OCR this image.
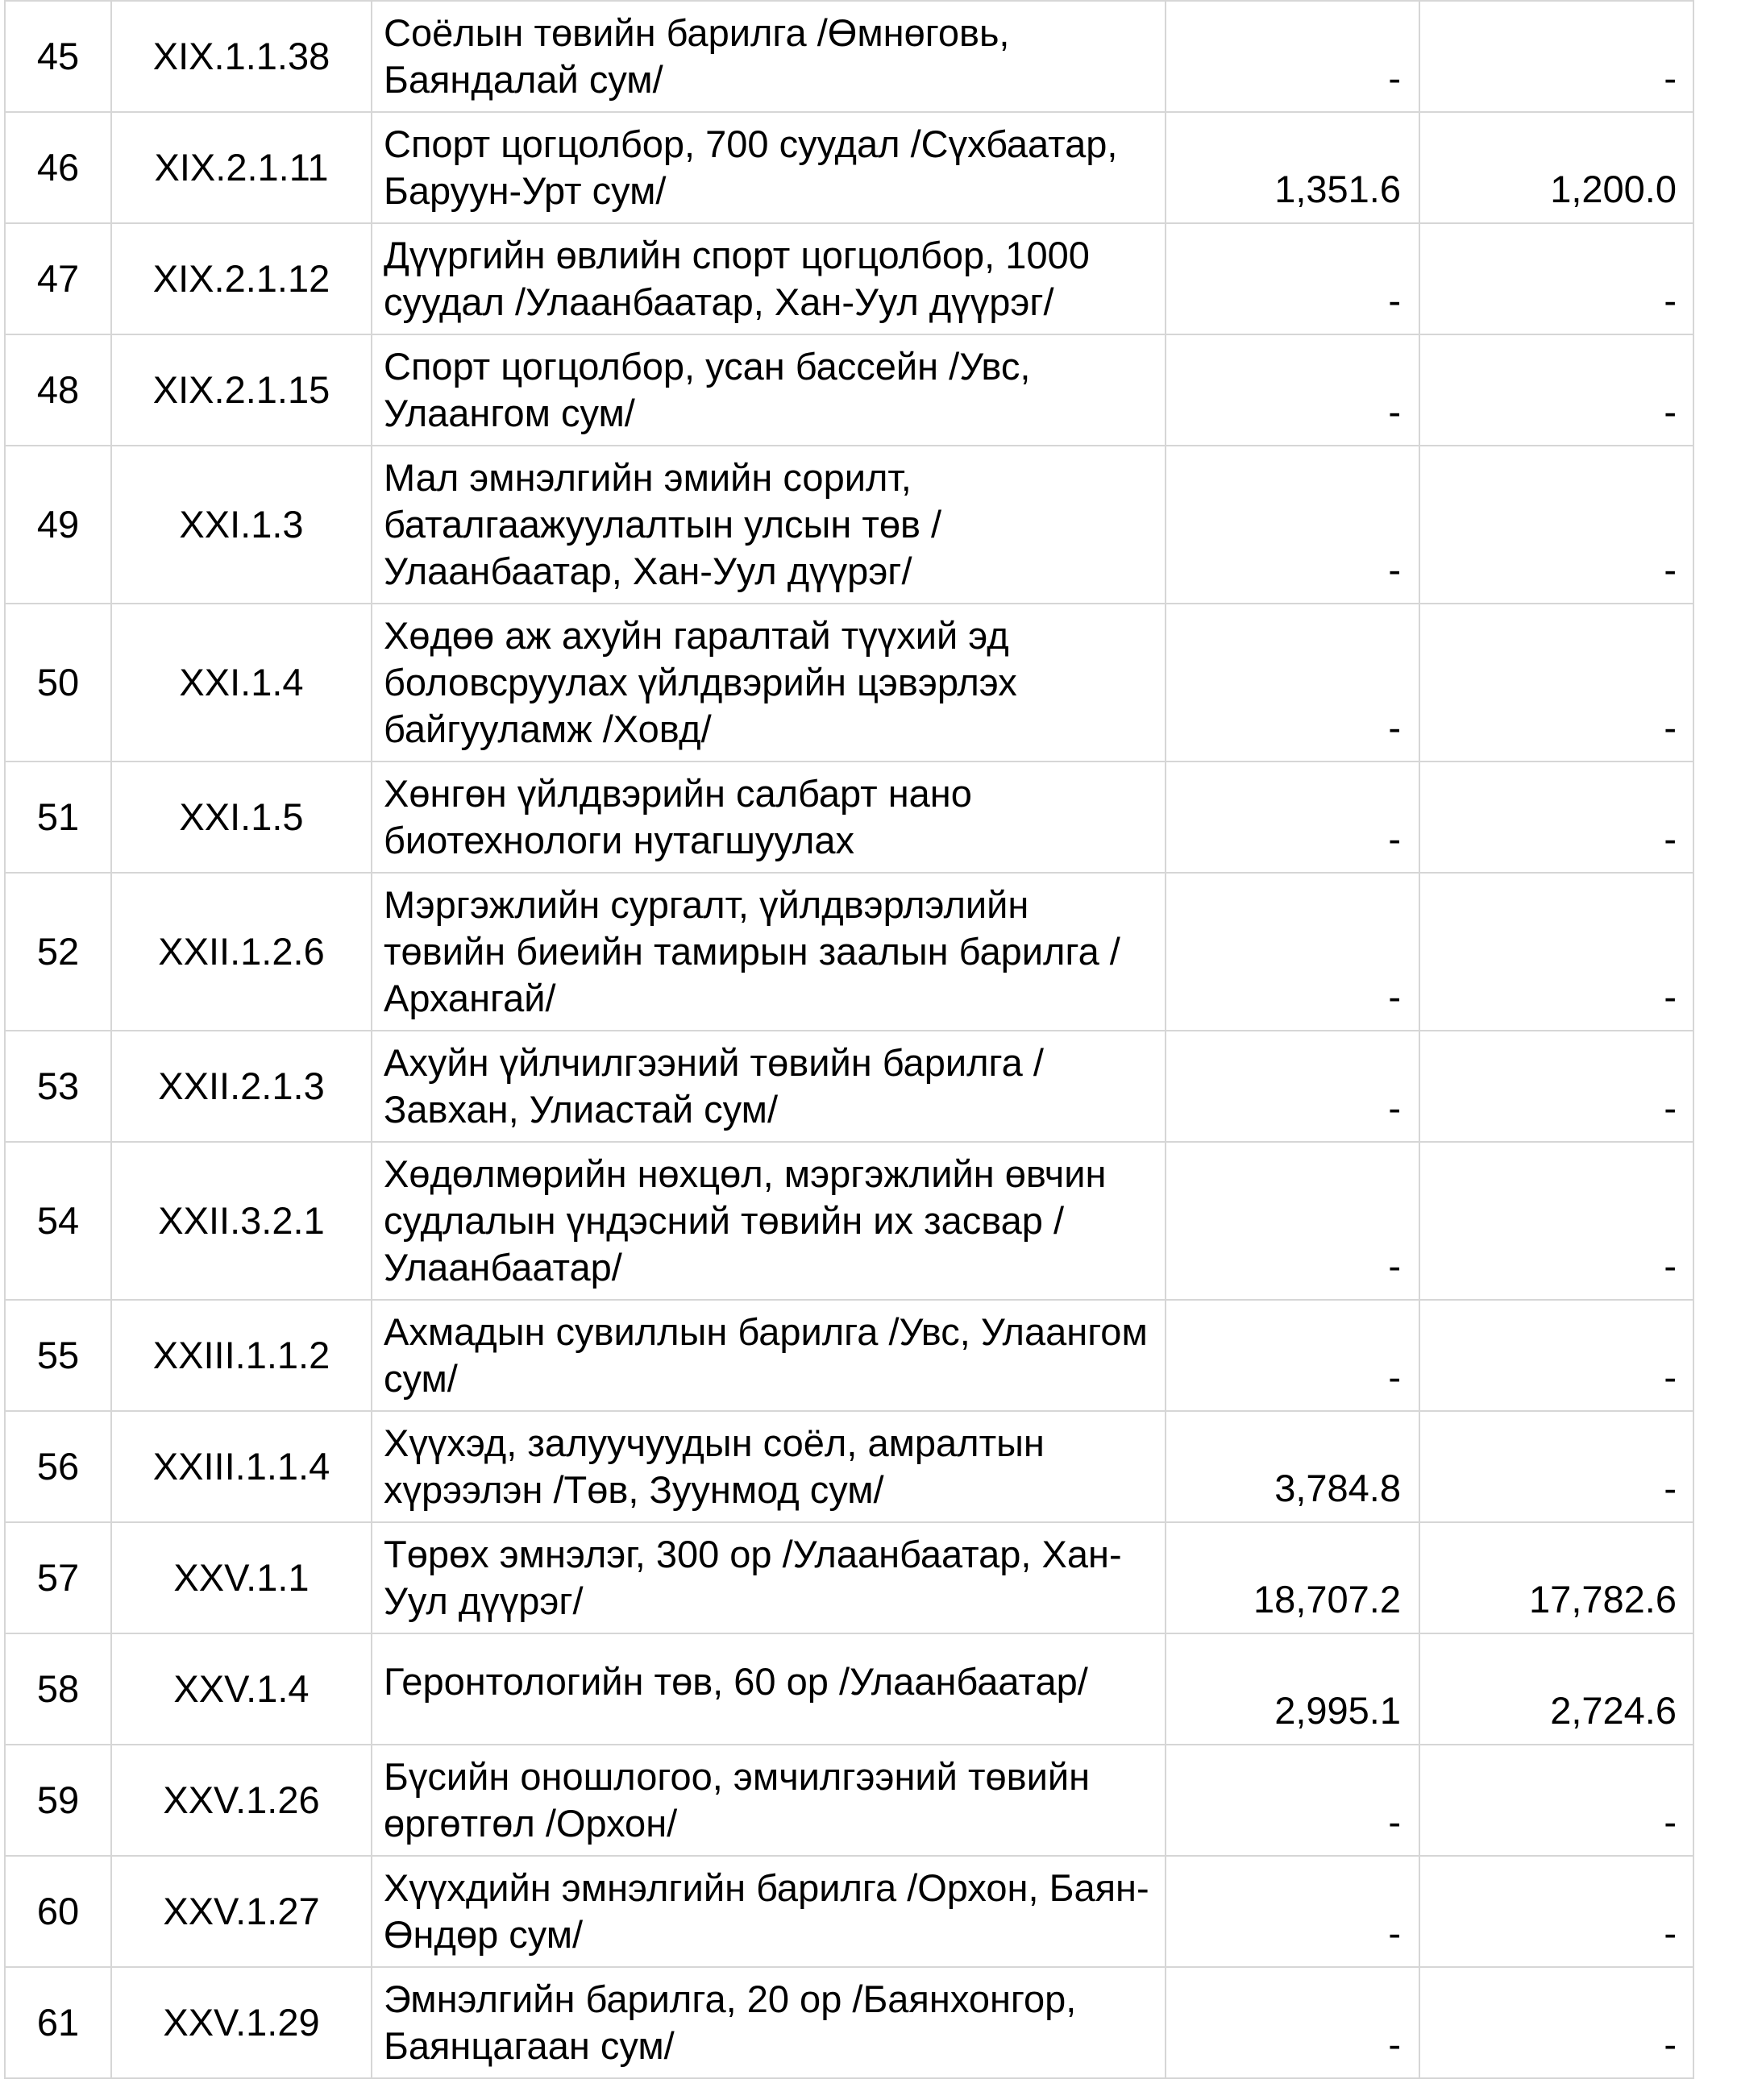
45	XIX.1.1.38	Соёлын төвийн барилга /Өмнөговь, Баяндалай сум/	-	-
46	XIX.2.1.11	Спорт цогцолбор, 700 суудал /Сүхбаатар, Баруун-Урт сум/	1,351.6	1,200.0
47	XIX.2.1.12	Дүүргийн өвлийн спорт цогцолбор, 1000 суудал /Улаанбаатар, Хан-Уул дүүрэг/	-	-
48	XIX.2.1.15	Спорт цогцолбор, усан бассейн /Увс, Улаангом сум/	-	-
49	XXI.1.3	Мал эмнэлгийн эмийн сорилт, баталгаажуулалтын улсын төв /Улаанбаатар, Хан-Уул дүүрэг/	-	-
50	XXI.1.4	Хөдөө аж ахуйн гаралтай түүхий эд боловсруулах үйлдвэрийн цэвэрлэх байгууламж /Ховд/	-	-
51	XXI.1.5	Хөнгөн үйлдвэрийн салбарт нано биотехнологи нутагшуулах	-	-
52	XXII.1.2.6	Мэргэжлийн сургалт, үйлдвэрлэлийн төвийн биеийн тамирын заалын барилга /Архангай/	-	-
53	XXII.2.1.3	Ахуйн үйлчилгээний төвийн барилга /Завхан, Улиастай сум/	-	-
54	XXII.3.2.1	Хөдөлмөрийн нөхцөл, мэргэжлийн өвчин судлалын үндэсний төвийн их засвар /Улаанбаатар/	-	-
55	XXIII.1.1.2	Ахмадын сувиллын барилга /Увс, Улаангом сум/	-	-
56	XXIII.1.1.4	Хүүхэд, залуучуудын соёл, амралтын хүрээлэн /Төв, Зуунмод сум/	3,784.8	-
57	XXV.1.1	Төрөх эмнэлэг, 300 ор /Улаанбаатар, Хан-Уул дүүрэг/	18,707.2	17,782.6
58	XXV.1.4	Геронтологийн төв, 60 ор /Улаанбаатар/	2,995.1	2,724.6
59	XXV.1.26	Бүсийн оношлогоо, эмчилгээний төвийн өргөтгөл /Орхон/	-	-
60	XXV.1.27	Хүүхдийн эмнэлгийн барилга /Орхон, Баян-Өндөр сум/	-	-
61	XXV.1.29	Эмнэлгийн барилга, 20 ор /Баянхонгор, Баянцагаан сум/	-	-
